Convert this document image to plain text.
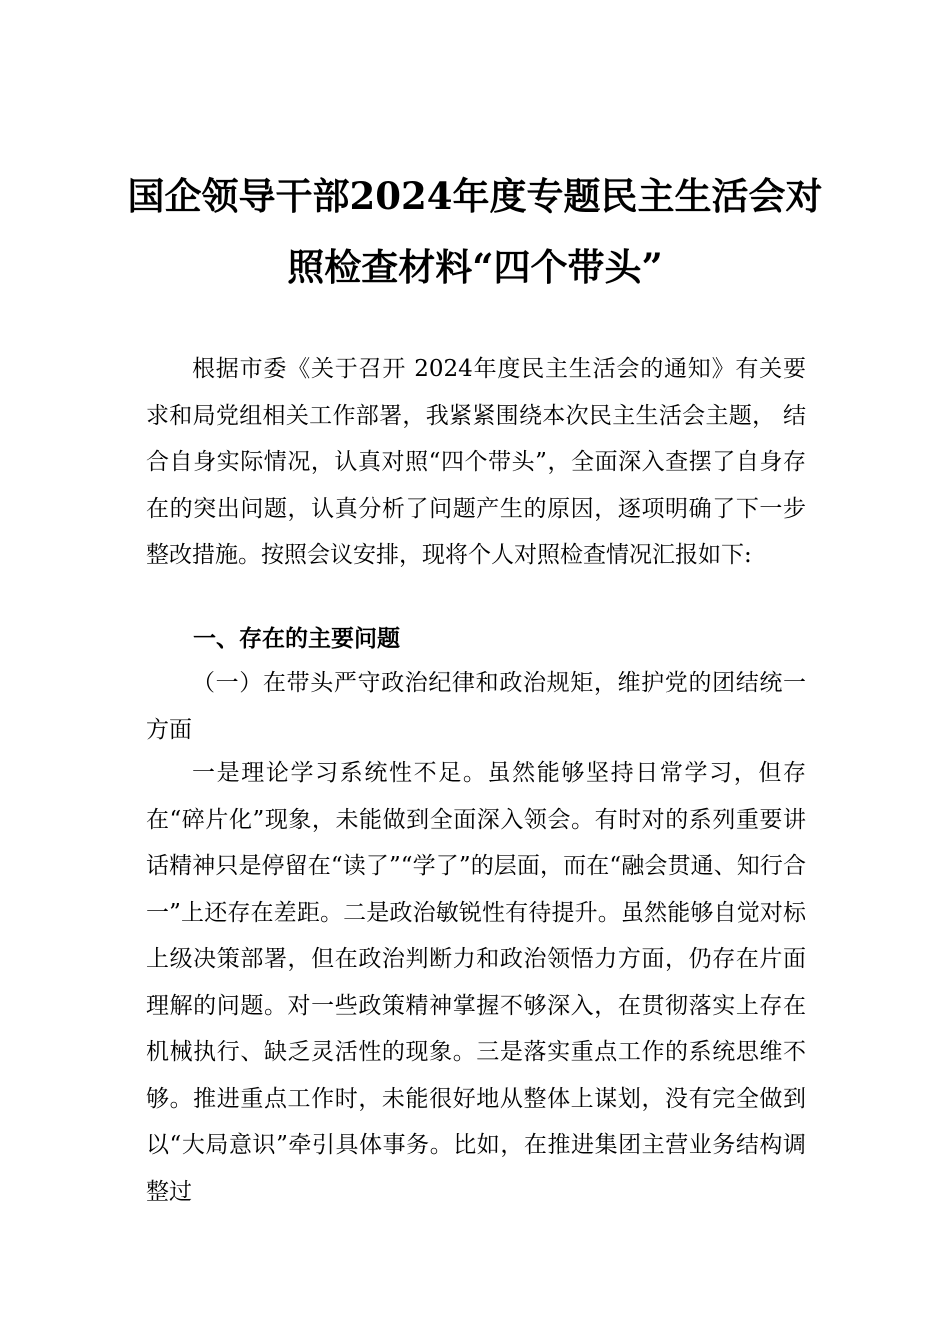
国企领导干部2024年度专题民主生活会对
照检查材料“四个带头”

根据市委《关于召开 2024年度民主生活会的通知》有关要求和局党组相关工作部署，我紧紧围绕本次民主生活会主题， 结合自身实际情况，认真对照“四个带头”，全面深入查摆了自身存在的突出问题，认真分析了问题产生的原因，逐项明确了下一步整改措施。按照会议安排，现将个人对照检查情况汇报如下:

一、存在的主要问题
（一）在带头严守政治纪律和政治规矩，维护党的团结统一方面

一是理论学习系统性不足。虽然能够坚持日常学习，但存在“碎片化”现象，未能做到全面深入领会。有时对的系列重要讲话精神只是停留在“读了”“学了”的层面，而在“融会贯通、知行合一”上还存在差距。二是政治敏锐性有待提升。虽然能够自觉对标上级决策部署，但在政治判断力和政治领悟力方面，仍存在片面理解的问题。对一些政策精神掌握不够深入，在贯彻落实上存在机械执行、缺乏灵活性的现象。三是落实重点工作的系统思维不够。推进重点工作时，未能很好地从整体上谋划，没有完全做到以“大局意识”牵引具体事务。比如，在推进集团主营业务结构调整过
